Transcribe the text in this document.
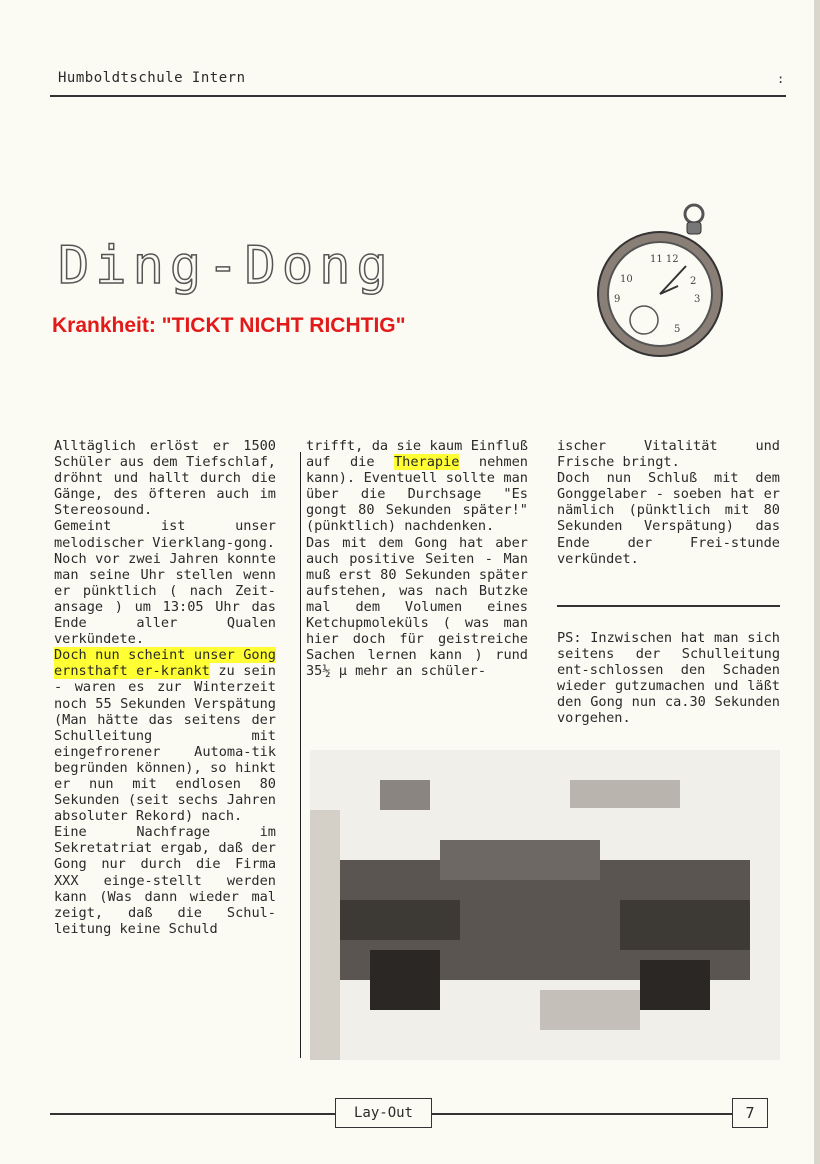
Humboldtschule Intern	:
Ding-Dong
Krankheit: "TICKT NICHT RICHTIG"
11 12
2
3
9
10
5

Alltäglich erlöst er 1500 Schüler aus dem Tiefschlaf, dröhnt und hallt durch die Gänge, des öfteren auch im Stereosound.

Gemeint ist unser melodischer Vierklang-gong.

Noch vor zwei Jahren konnte man seine Uhr stellen wenn er pünktlich ( nach Zeit-ansage ) um 13:05 Uhr das Ende aller Qualen verkündete.

Doch nun scheint unser Gong ernsthaft er-krankt zu sein - waren es zur Winterzeit noch 55 Sekunden Verspätung (Man hätte das seitens der Schulleitung mit eingefrorener Automa-tik begründen können), so hinkt er nun mit endlosen 80 Sekunden (seit sechs Jahren absoluter Rekord) nach.

Eine Nachfrage im Sekretatriat ergab, daß der Gong nur durch die Firma XXX einge-stellt werden kann (Was dann wieder mal zeigt, daß die Schul-leitung keine Schuld

trifft, da sie kaum Einfluß auf die Therapie nehmen kann). Eventuell sollte man über die Durchsage "Es gongt 80 Sekunden später!" (pünktlich) nachdenken.

Das mit dem Gong hat aber auch positive Seiten - Man muß erst 80 Sekunden später aufstehen, was nach Butzke mal dem Volumen eines Ketchupmoleküls ( was man hier doch für geistreiche Sachen lernen kann ) rund 35½ µ mehr an schüler-

ischer Vitalität und Frische bringt.

Doch nun Schluß mit dem Gonggelaber - soeben hat er nämlich (pünktlich mit 80 Sekunden Verspätung) das Ende der Frei-stunde verkündet.

PS: Inzwischen hat man sich seitens der Schulleitung ent-schlossen den Schaden wieder gutzumachen und läßt den Gong nun ca.30 Sekunden vorgehen.
Lay-Out	7
